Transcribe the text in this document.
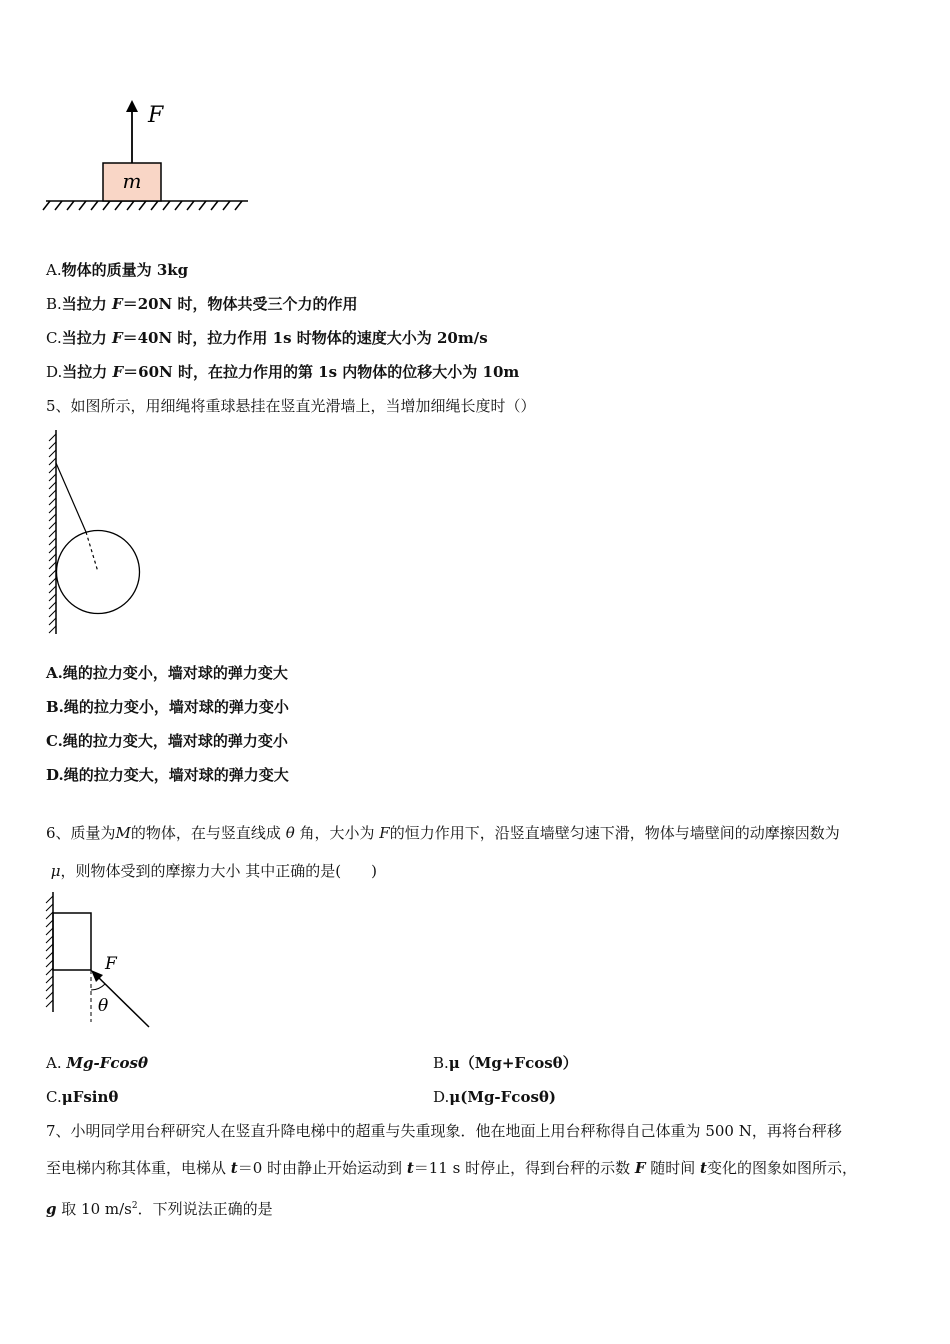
m
F
A.物体的质量为 3kg
B.当拉力 F＝20N 时，物体共受三个力的作用
C.当拉力 F＝40N 时，拉力作用 1s 时物体的速度大小为 20m/s
D.当拉力 F＝60N 时，在拉力作用的第 1s 内物体的位移大小为 10m
5、如图所示，用细绳将重球悬挂在竖直光滑墙上，当增加细绳长度时（）
A.绳的拉力变小，墙对球的弹力变大
B.绳的拉力变小，墙对球的弹力变小
C.绳的拉力变大，墙对球的弹力变小
D.绳的拉力变大，墙对球的弹力变大
6、质量为M的物体，在与竖直线成 θ 角，大小为 F的恒力作用下，沿竖直墙壁匀速下滑，物体与墙壁间的动摩擦因数为
μ，则物体受到的摩擦力大小 其中正确的是(　　)
F
θ
A. Mg-Fcosθ	B.μ（Mg+Fcosθ）
C.μFsinθ	D.μ(Mg-Fcosθ)
7、小明同学用台秤研究人在竖直升降电梯中的超重与失重现象．他在地面上用台秤称得自己体重为 500 N，再将台秤移
至电梯内称其体重，电梯从 t＝0 时由静止开始运动到 t＝11 s 时停止，得到台秤的示数 F 随时间 t变化的图象如图所示，
g 取 10 $m/s^2$．下列说法正确的是
